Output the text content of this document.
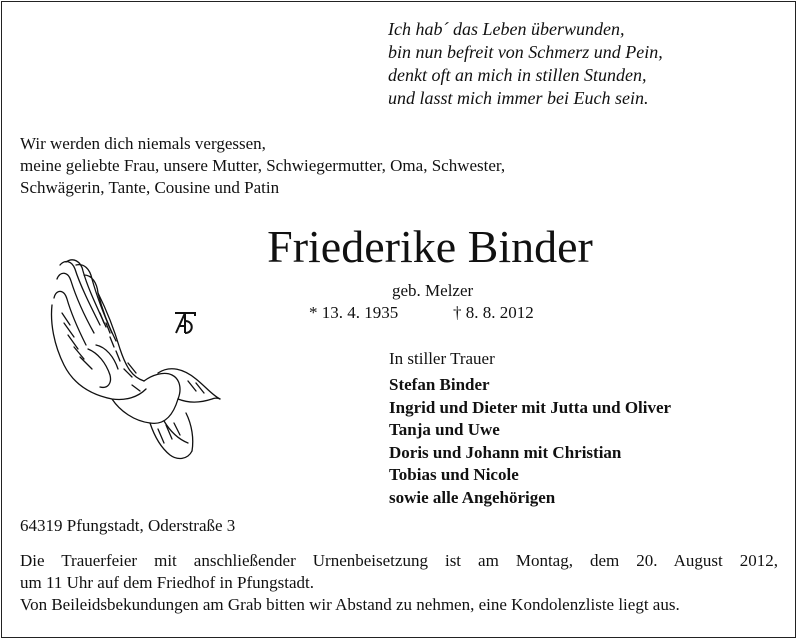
Ich hab´ das Leben überwunden,
bin nun befreit von Schmerz und Pein,
denkt oft an mich in stillen Stunden,
und lasst mich immer bei Euch sein.
Wir werden dich niemals vergessen,
meine geliebte Frau, unsere Mutter, Schwiegermutter, Oma, Schwester,
Schwägerin, Tante, Cousine und Patin
Friederike Binder
geb. Melzer
* 13. 4. 1935	† 8. 8. 2012
In stiller Trauer
Stefan Binder
Ingrid und Dieter mit Jutta und Oliver
Tanja und Uwe
Doris und Johann mit Christian
Tobias und Nicole
sowie alle Angehörigen
64319 Pfungstadt, Oderstraße 3
Die Trauerfeier mit anschließender Urnenbeisetzung ist am Montag, dem 20. August 2012,
um 11 Uhr auf dem Friedhof in Pfungstadt.
Von Beileidsbekundungen am Grab bitten wir Abstand zu nehmen, eine Kondolenzliste liegt aus.
